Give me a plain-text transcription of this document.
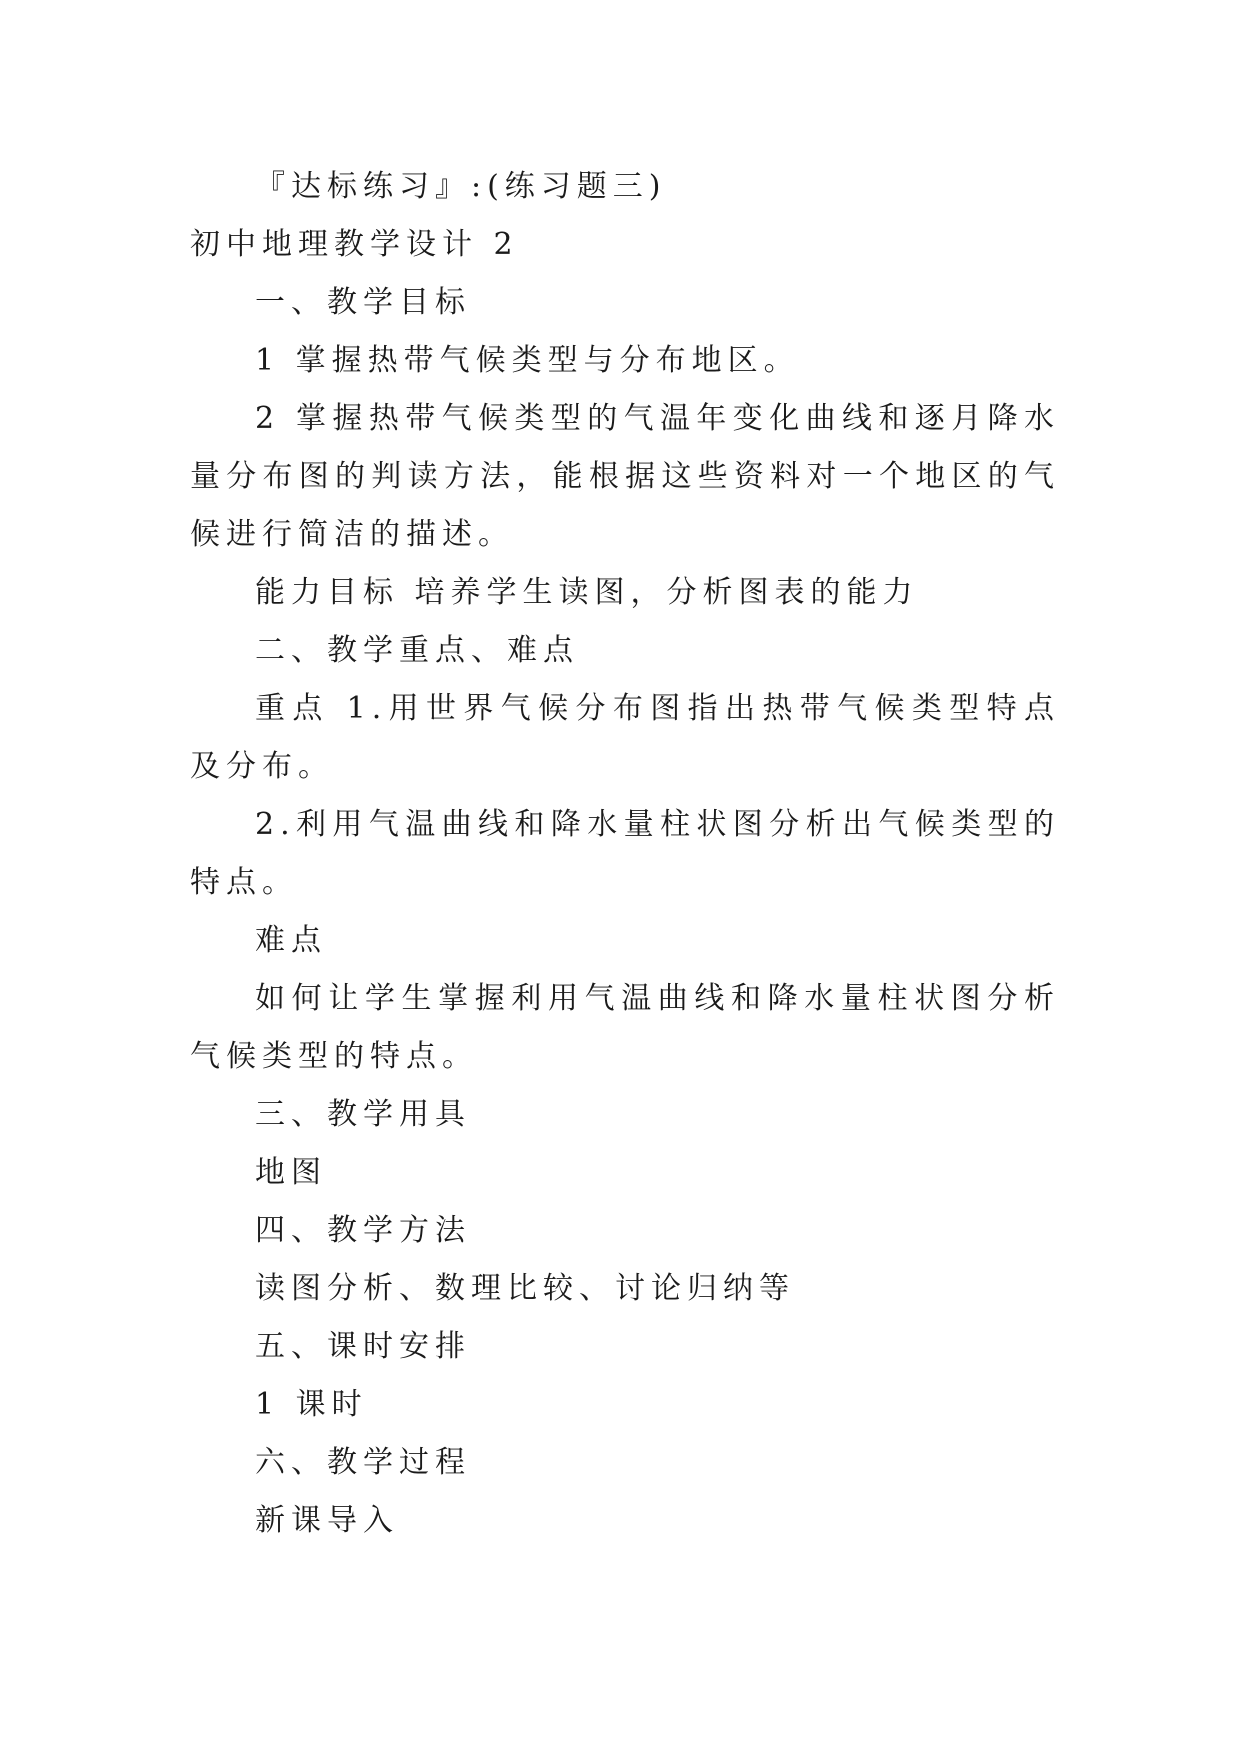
『达标练习』:(练习题三)

初中地理教学设计 2

一、教学目标

1 掌握热带气候类型与分布地区。

2 掌握热带气候类型的气温年变化曲线和逐月降水量分布图的判读方法，能根据这些资料对一个地区的气候进行简洁的描述。

能力目标 培养学生读图，分析图表的能力

二、教学重点、难点

重点 1.用世界气候分布图指出热带气候类型特点及分布。

2.利用气温曲线和降水量柱状图分析出气候类型的特点。

难点

如何让学生掌握利用气温曲线和降水量柱状图分析气候类型的特点。

三、教学用具

地图

四、教学方法

读图分析、数理比较、讨论归纳等

五、课时安排

1 课时

六、教学过程

新课导入
